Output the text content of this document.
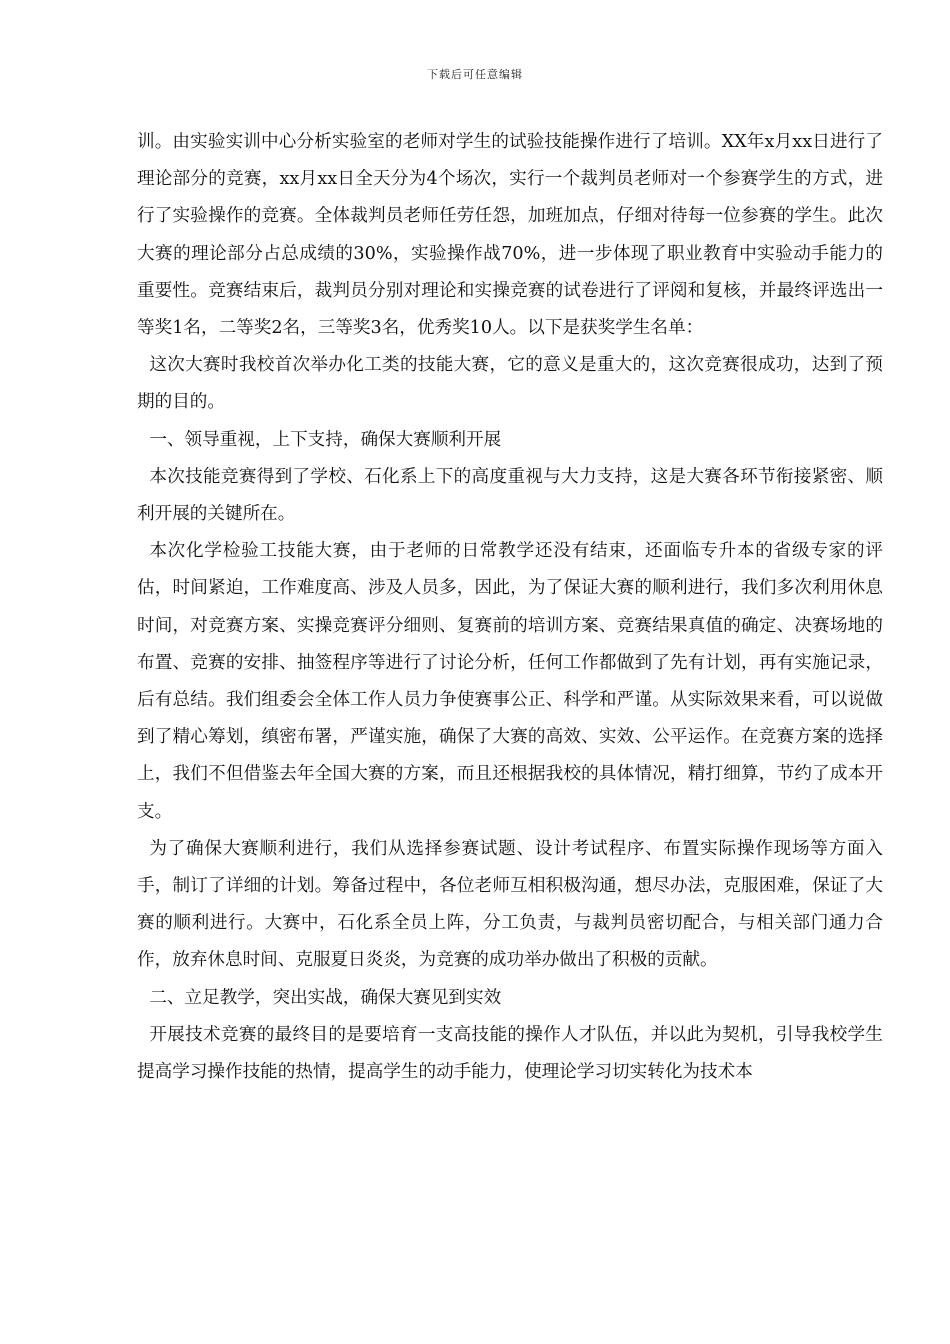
下载后可任意编辑

训。由实验实训中心分析实验室的老师对学生的试验技能操作进行了培训。XX年x月xx日进行了理论部分的竞赛，xx月xx日全天分为4个场次，实行一个裁判员老师对一个参赛学生的方式，进行了实验操作的竞赛。全体裁判员老师任劳任怨，加班加点，仔细对待每一位参赛的学生。此次大赛的理论部分占总成绩的30%，实验操作战70%，进一步体现了职业教育中实验动手能力的重要性。竞赛结束后，裁判员分别对理论和实操竞赛的试卷进行了评阅和复核，并最终评选出一等奖1名，二等奖2名，三等奖3名，优秀奖10人。以下是获奖学生名单：

这次大赛时我校首次举办化工类的技能大赛，它的意义是重大的，这次竞赛很成功，达到了预期的目的。

一、领导重视，上下支持，确保大赛顺利开展

本次技能竞赛得到了学校、石化系上下的高度重视与大力支持，这是大赛各环节衔接紧密、顺利开展的关键所在。

本次化学检验工技能大赛，由于老师的日常教学还没有结束，还面临专升本的省级专家的评估，时间紧迫，工作难度高、涉及人员多，因此，为了保证大赛的顺利进行，我们多次利用休息时间，对竞赛方案、实操竞赛评分细则、复赛前的培训方案、竞赛结果真值的确定、决赛场地的布置、竞赛的安排、抽签程序等进行了讨论分析，任何工作都做到了先有计划，再有实施记录，后有总结。我们组委会全体工作人员力争使赛事公正、科学和严谨。从实际效果来看，可以说做到了精心筹划，缜密布署，严谨实施，确保了大赛的高效、实效、公平运作。在竞赛方案的选择上，我们不但借鉴去年全国大赛的方案，而且还根据我校的具体情况，精打细算，节约了成本开支。

为了确保大赛顺利进行，我们从选择参赛试题、设计考试程序、布置实际操作现场等方面入手，制订了详细的计划。筹备过程中，各位老师互相积极沟通，想尽办法，克服困难，保证了大赛的顺利进行。大赛中，石化系全员上阵，分工负责，与裁判员密切配合，与相关部门通力合作，放弃休息时间、克服夏日炎炎，为竞赛的成功举办做出了积极的贡献。

二、立足教学，突出实战，确保大赛见到实效

开展技术竞赛的最终目的是要培育一支高技能的操作人才队伍，并以此为契机，引导我校学生提高学习操作技能的热情，提高学生的动手能力，使理论学习切实转化为技术本
